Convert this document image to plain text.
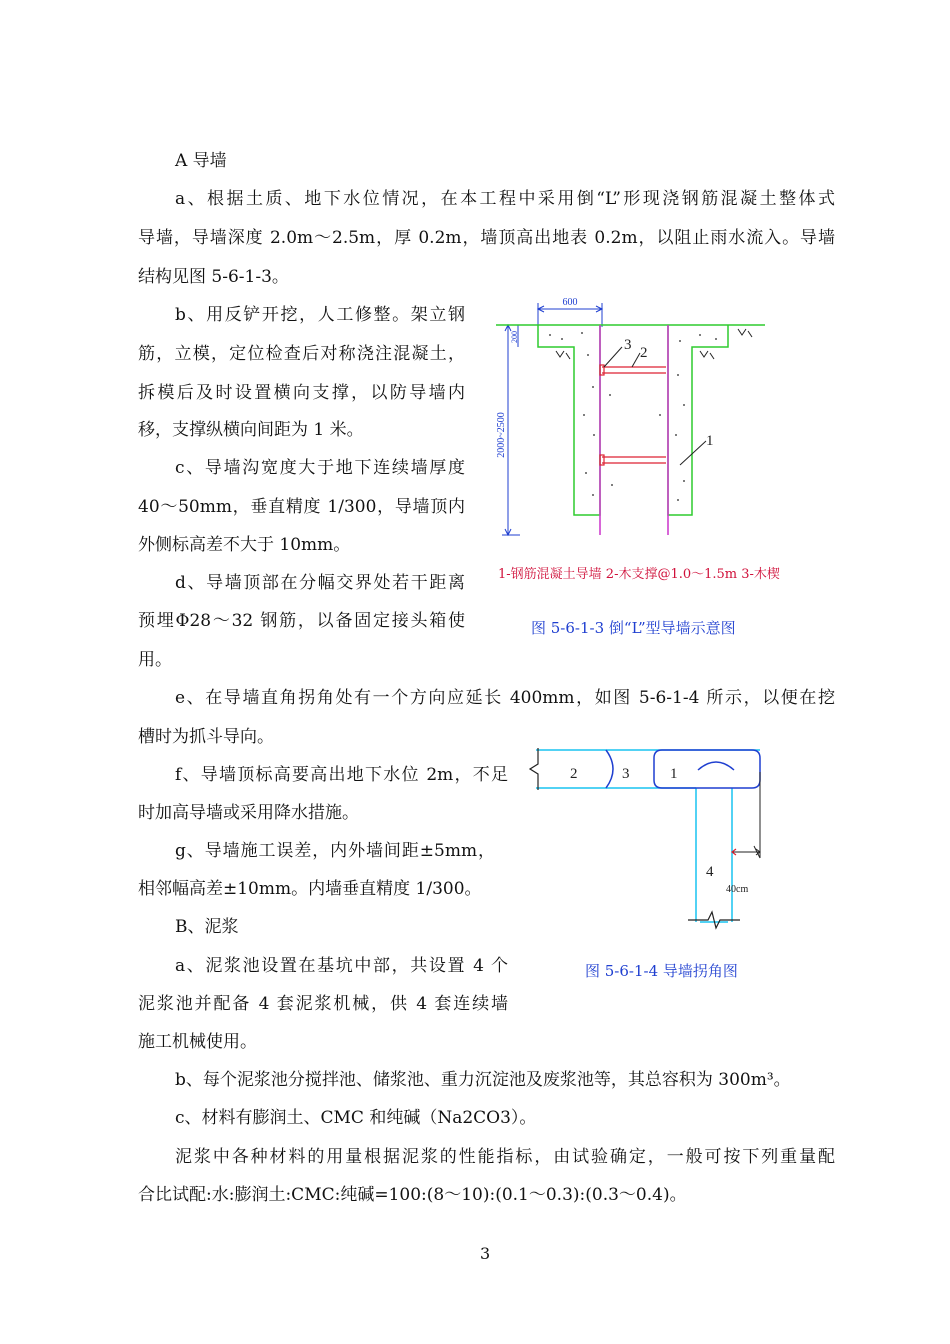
A 导墙
a、根据土质、地下水位情况，在本工程中采用倒“L”形现浇钢筋混凝土整体式
导墙，导墙深度 2.0m～2.5m，厚 0.2m，墙顶高出地表 0.2m，以阻止雨水流入。导墙
结构见图 5-6-1-3。
b、用反铲开挖，人工修整。架立钢
筋，立模，定位检查后对称浇注混凝土，
拆模后及时设置横向支撑，以防导墙内
移，支撑纵横向间距为 1 米。
c、导墙沟宽度大于地下连续墙厚度
40～50mm，垂直精度 1/300，导墙顶内
外侧标高差不大于 10mm。
d、导墙顶部在分幅交界处若干距离
预埋Φ28～32 钢筋，以备固定接头箱使
用。
e、在导墙直角拐角处有一个方向应延长 400mm，如图 5-6-1-4 所示，以便在挖
槽时为抓斗导向。
f、导墙顶标高要高出地下水位 2m，不足
时加高导墙或采用降水措施。
g、导墙施工误差，内外墙间距±5mm，
相邻幅高差±10mm。内墙垂直精度 1/300。
B、泥浆
a、泥浆池设置在基坑中部，共设置 4 个
泥浆池并配备 4 套泥浆机械，供 4 套连续墙
施工机械使用。
b、每个泥浆池分搅拌池、储浆池、重力沉淀池及废浆池等，其总容积为 300m³。
c、材料有膨润土、CMC 和纯碱（Na2CO3）。
泥浆中各种材料的用量根据泥浆的性能指标，由试验确定，一般可按下列重量配
合比试配:水:膨润土:CMC:纯碱=100:(8～10):(0.1～0.3):(0.3～0.4)。
3
600
2000~2500
200	3 2
1
1-钢筋混凝土导墙 2-木支撑@1.0～1.5m 3-木楔
图 5-6-1-3 倒“L”型导墙示意图
2	3	1
4
40cm
图 5-6-1-4 导墙拐角图
